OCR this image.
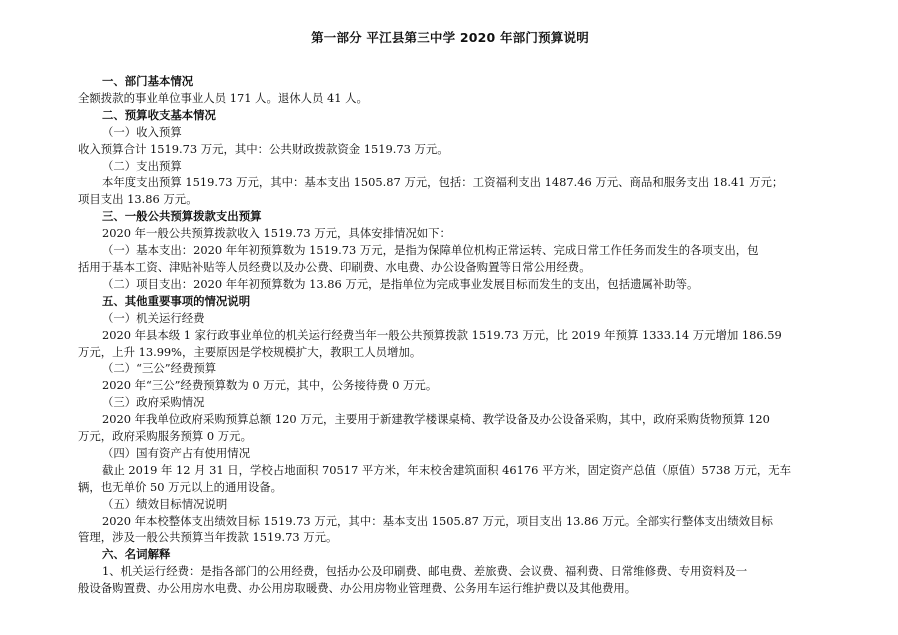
第一部分 平江县第三中学 2020 年部门预算说明
一、部门基本情况
全额拨款的事业单位事业人员 171 人。退休人员 41 人。
二、预算收支基本情况
（一）收入预算
收入预算合计 1519.73 万元，其中：公共财政拨款资金 1519.73 万元。
（二）支出预算
本年度支出预算 1519.73 万元，其中：基本支出 1505.87 万元，包括：工资福利支出 1487.46 万元、商品和服务支出 18.41 万元；
项目支出 13.86 万元。
三、一般公共预算拨款支出预算
2020 年一般公共预算拨款收入 1519.73 万元，具体安排情况如下：
（一）基本支出：2020 年年初预算数为 1519.73 万元，是指为保障单位机构正常运转、完成日常工作任务而发生的各项支出，包
括用于基本工资、津贴补贴等人员经费以及办公费、印刷费、水电费、办公设备购置等日常公用经费。
（二）项目支出：2020 年年初预算数为 13.86 万元，是指单位为完成事业发展目标而发生的支出，包括遗属补助等。
五、其他重要事项的情况说明
（一）机关运行经费
2020 年县本级 1 家行政事业单位的机关运行经费当年一般公共预算拨款 1519.73 万元，比 2019 年预算 1333.14 万元增加 186.59
万元，上升 13.99%，主要原因是学校规模扩大，教职工人员增加。
（二）“三公”经费预算
2020 年“三公”经费预算数为 0 万元，其中，公务接待费 0 万元。
（三）政府采购情况
2020 年我单位政府采购预算总额 120 万元，主要用于新建教学楼课桌椅、教学设备及办公设备采购，其中，政府采购货物预算 120
万元，政府采购服务预算 0 万元。
（四）国有资产占有使用情况
截止 2019 年 12 月 31 日，学校占地面积 70517 平方米，年末校舍建筑面积 46176 平方米，固定资产总值（原值）5738 万元，无车
辆，也无单价 50 万元以上的通用设备。
（五）绩效目标情况说明
2020 年本校整体支出绩效目标 1519.73 万元，其中：基本支出 1505.87 万元，项目支出 13.86 万元。全部实行整体支出绩效目标
管理，涉及一般公共预算当年拨款 1519.73 万元。
六、名词解释
1、机关运行经费：是指各部门的公用经费，包括办公及印刷费、邮电费、差旅费、会议费、福利费、日常维修费、专用资料及一
般设备购置费、办公用房水电费、办公用房取暖费、办公用房物业管理费、公务用车运行维护费以及其他费用。
